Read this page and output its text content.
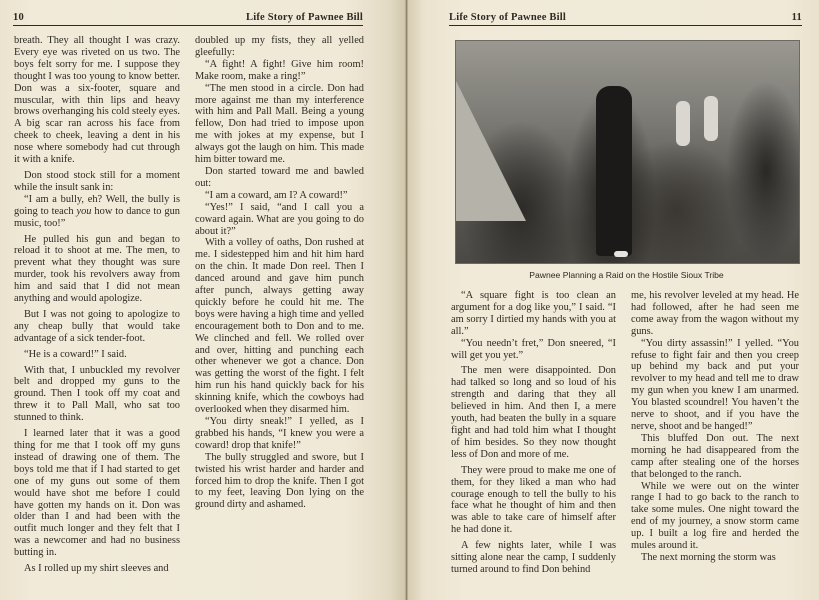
10	Life Story of Pawnee Bill

breath. They all thought I was crazy. Every eye was riveted on us two. The boys felt sorry for me. I suppose they thought I was too young to know better. Don was a six-footer, square and muscular, with thin lips and heavy brows overhanging his cold steely eyes. A big scar ran across his face from cheek to cheek, leaving a dent in his nose where somebody had cut through it with a knife.

Don stood stock still for a moment while the insult sank in:

“I am a bully, eh? Well, the bully is going to teach you how to dance to gun music, too!”

He pulled his gun and began to reload it to shoot at me. The men, to prevent what they thought was sure murder, took his revolvers away from him and said that I did not mean anything and would apologize.

But I was not going to apologize to any cheap bully that would take advantage of a sick tender-foot.

“He is a coward!” I said.

With that, I unbuckled my revolver belt and dropped my guns to the ground. Then I took off my coat and threw it to Pall Mall, who sat too stunned to think.

I learned later that it was a good thing for me that I took off my guns instead of drawing one of them. The boys told me that if I had started to get one of my guns out some of them would have shot me before I could have gotten my hands on it. Don was older than I and had been with the outfit much longer and they felt that I was a newcomer and had no business butting in.

As I rolled up my shirt sleeves and

doubled up my fists, they all yelled gleefully:

“A fight! A fight! Give him room! Make room, make a ring!”

“The men stood in a circle. Don had more against me than my interference with him and Pall Mall. Being a young fellow, Don had tried to impose upon me with jokes at my expense, but I always got the laugh on him. This made him bitter toward me.

Don started toward me and bawled out:

“I am a coward, am I? A coward!”

“Yes!” I said, “and I call you a coward again. What are you going to do about it?”

With a volley of oaths, Don rushed at me. I sidestepped him and hit him hard on the chin. It made Don reel. Then I danced around and gave him punch after punch, always getting away quickly before he could hit me. The boys were having a high time and yelled encouragement both to Don and to me. We clinched and fell. We rolled over and over, hitting and punching each other whenever we got a chance. Don was getting the worst of the fight. I felt him run his hand quickly back for his skinning knife, which the cowboys had overlooked when they disarmed him.

“You dirty sneak!” I yelled, as I grabbed his hands, “I knew you were a coward! drop that knife!”

The bully struggled and swore, but I twisted his wrist harder and harder and forced him to drop the knife. Then I got to my feet, leaving Don lying on the ground dirty and ashamed.

Life Story of Pawnee Bill	11
Pawnee Planning a Raid on the Hostile Sioux Tribe

“A square fight is too clean an argument for a dog like you,” I said. “I am sorry I dirtied my hands with you at all.”

“You needn’t fret,” Don sneered, “I will get you yet.”

The men were disappointed. Don had talked so long and so loud of his strength and daring that they all believed in him. And then I, a mere youth, had beaten the bully in a square fight and had told him what I thought of him besides. So they now thought less of Don and more of me.

They were proud to make me one of them, for they liked a man who had courage enough to tell the bully to his face what he thought of him and then was able to take care of himself after he had done it.

A few nights later, while I was sitting alone near the camp, I suddenly turned around to find Don behind

me, his revolver leveled at my head. He had followed, after he had seen me come away from the wagon without my guns.

“You dirty assassin!” I yelled. “You refuse to fight fair and then you creep up behind my back and put your revolver to my head and tell me to draw my gun when you knew I am unarmed. You blasted scoundrel! You haven’t the nerve to shoot, and if you have the nerve, shoot and be hanged!”

This bluffed Don out. The next morning he had disappeared from the camp after stealing one of the horses that belonged to the ranch.

While we were out on the winter range I had to go back to the ranch to take some mules. One night toward the end of my journey, a snow storm came up. I built a log fire and herded the mules around it.

The next morning the storm was
